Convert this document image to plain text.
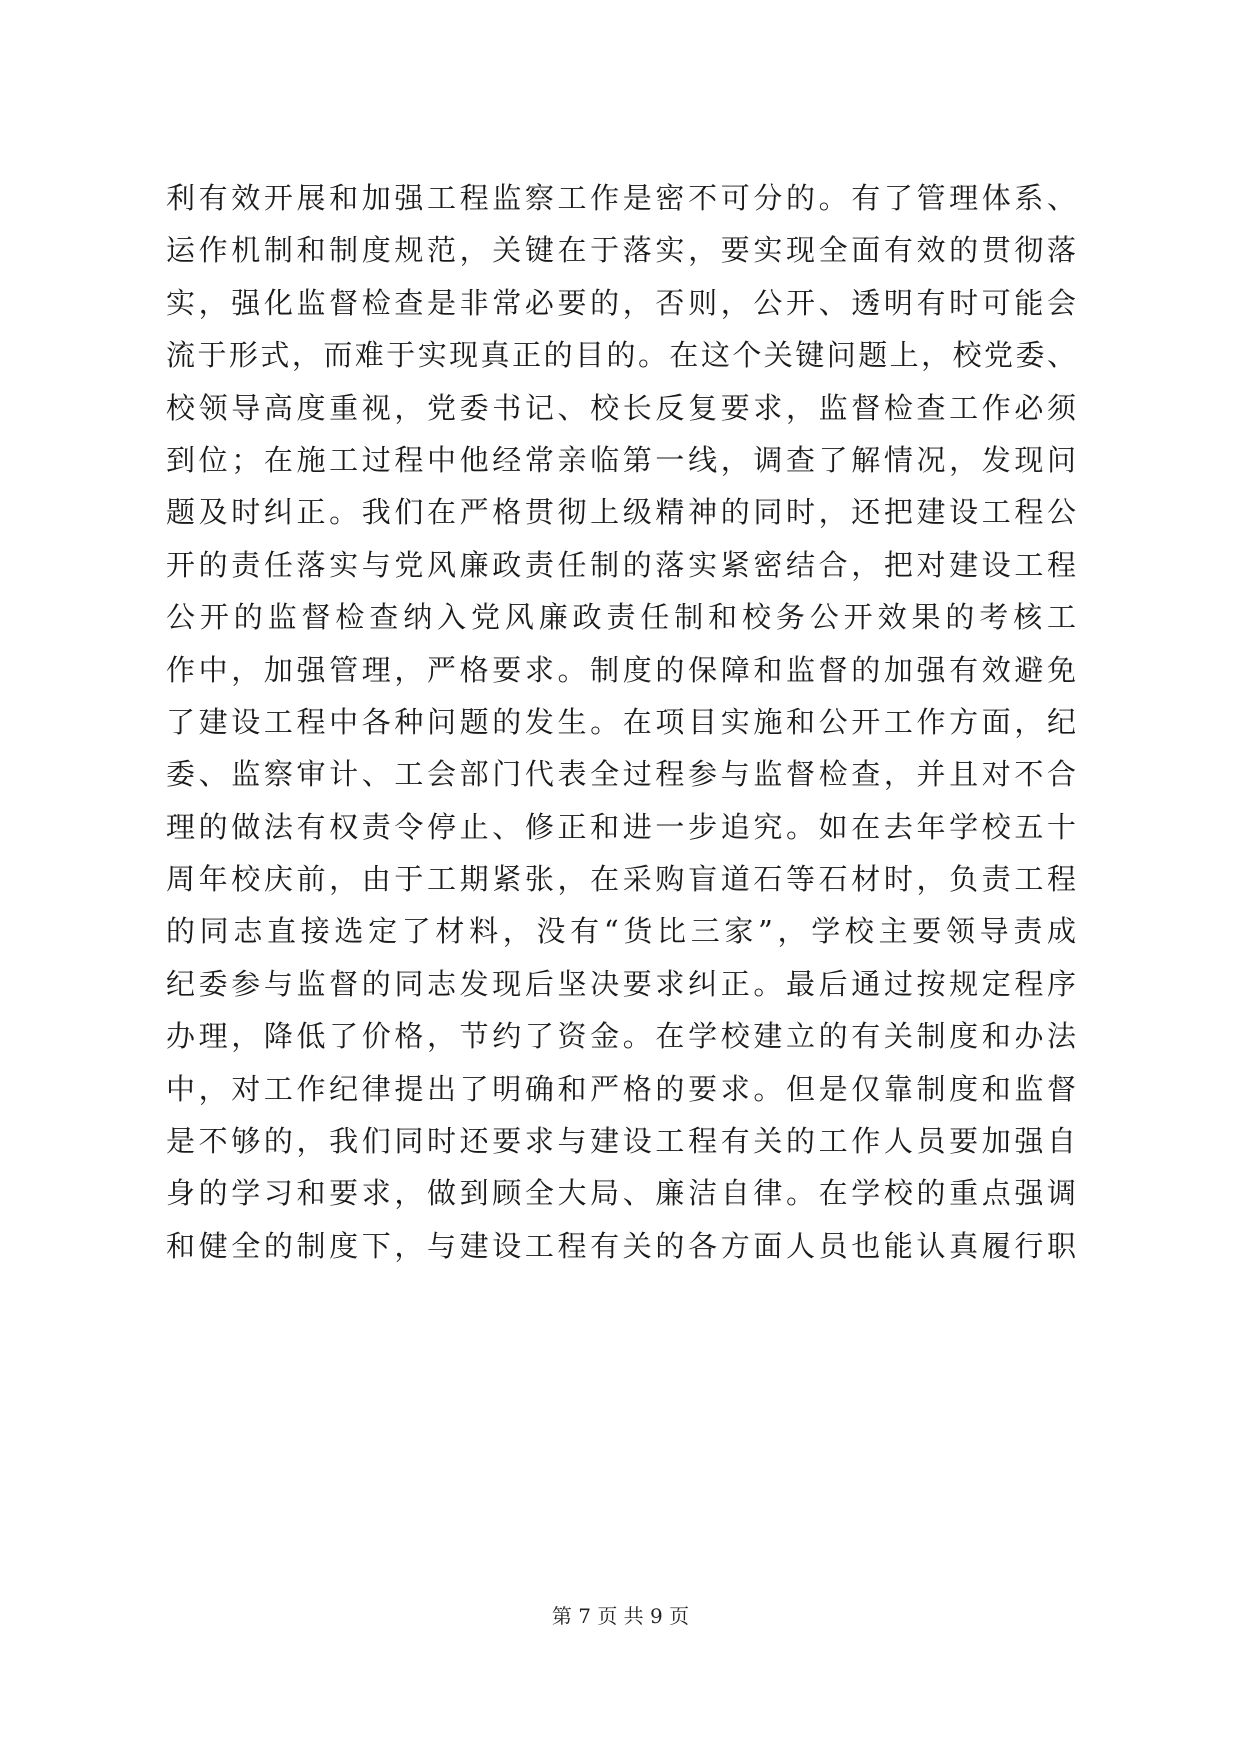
利有效开展和加强工程监察工作是密不可分的。有了管理体系、
运作机制和制度规范，关键在于落实，要实现全面有效的贯彻落
实，强化监督检查是非常必要的，否则，公开、透明有时可能会
流于形式，而难于实现真正的目的。在这个关键问题上，校党委、
校领导高度重视，党委书记、校长反复要求，监督检查工作必须
到位；在施工过程中他经常亲临第一线，调查了解情况，发现问
题及时纠正。我们在严格贯彻上级精神的同时，还把建设工程公
开的责任落实与党风廉政责任制的落实紧密结合，把对建设工程
公开的监督检查纳入党风廉政责任制和校务公开效果的考核工
作中，加强管理，严格要求。制度的保障和监督的加强有效避免
了建设工程中各种问题的发生。在项目实施和公开工作方面，纪
委、监察审计、工会部门代表全过程参与监督检查，并且对不合
理的做法有权责令停止、修正和进一步追究。如在去年学校五十
周年校庆前，由于工期紧张，在采购盲道石等石材时，负责工程
的同志直接选定了材料，没有“货比三家”，学校主要领导责成
纪委参与监督的同志发现后坚决要求纠正。最后通过按规定程序
办理，降低了价格，节约了资金。在学校建立的有关制度和办法
中，对工作纪律提出了明确和严格的要求。但是仅靠制度和监督
是不够的，我们同时还要求与建设工程有关的工作人员要加强自
身的学习和要求，做到顾全大局、廉洁自律。在学校的重点强调
和健全的制度下，与建设工程有关的各方面人员也能认真履行职
第 7 页 共 9 页
